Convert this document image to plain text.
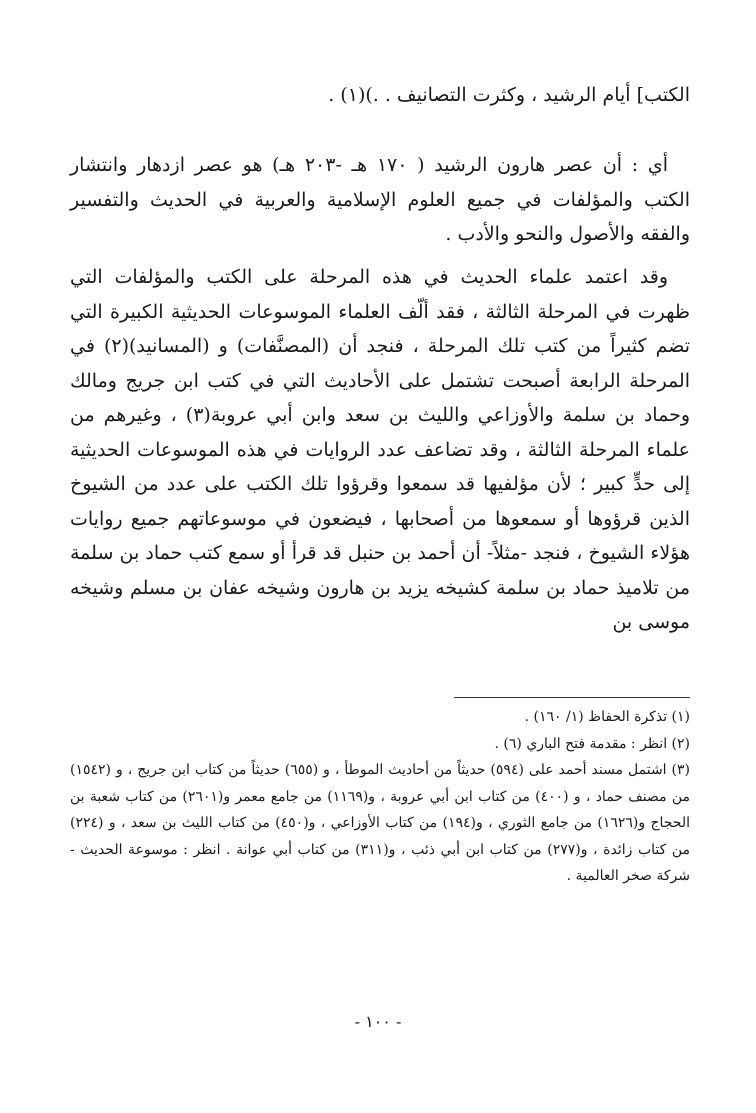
الكتب] أيام الرشيد ، وكثرت التصانيف . .)(١) .

أي : أن عصر هارون الرشيد ( ١٧٠ هـ -٢٠٣ هـ) هو عصر ازدهار وانتشار الكتب والمؤلفات في جميع العلوم الإسلامية والعربية في الحديث والتفسير والفقه والأصول والنحو والأدب .

وقد اعتمد علماء الحديث في هذه المرحلة على الكتب والمؤلفات التي ظهرت في المرحلة الثالثة ، فقد ألّف العلماء الموسوعات الحديثية الكبيرة التي تضم كثيراً من كتب تلك المرحلة ، فنجد أن (المصنَّفات) و (المسانيد)(٢) في المرحلة الرابعة أصبحت تشتمل على الأحاديث التي في كتب ابن جريج ومالك وحماد بن سلمة والأوزاعي والليث بن سعد وابن أبي عروبة(٣) ، وغيرهم من علماء المرحلة الثالثة ، وقد تضاعف عدد الروايات في هذه الموسوعات الحديثية إلى حدٍّ كبير ؛ لأن مؤلفيها قد سمعوا وقرؤوا تلك الكتب على عدد من الشيوخ الذين قرؤوها أو سمعوها من أصحابها ، فيضعون في موسوعاتهم جميع روايات هؤلاء الشيوخ ، فنجد -مثلاً- أن أحمد بن حنبل قد قرأ أو سمع كتب حماد بن سلمة من تلاميذ حماد بن سلمة كشيخه يزيد بن هارون وشيخه عفان بن مسلم وشيخه موسى بن

(١) تذكرة الحفاظ (١/ ١٦٠) .

(٢) انظر : مقدمة فتح الباري (٦) .

(٣) اشتمل مسند أحمد على (٥٩٤) حديثاً من أحاديث الموطأ ، و (٦٥٥) حديثاً من كتاب ابن جريج ، و (١٥٤٢) من مصنف حماد ، و (٤٠٠) من كتاب ابن أبي عروبة ، و(١١٦٩) من جامع معمر و(٢٦٠١) من كتاب شعبة بن الحجاج و(١٦٢٦) من جامع الثوري ، و(١٩٤) من كتاب الأوزاعي ، و(٤٥٠) من كتاب الليث بن سعد ، و (٢٢٤) من كتاب زائدة ، و(٢٧٧) من كتاب ابن أبي ذئب ، و(٣١١) من كتاب أبي عوانة . انظر : موسوعة الحديث - شركة صخر العالمية .

- ١٠٠ -
